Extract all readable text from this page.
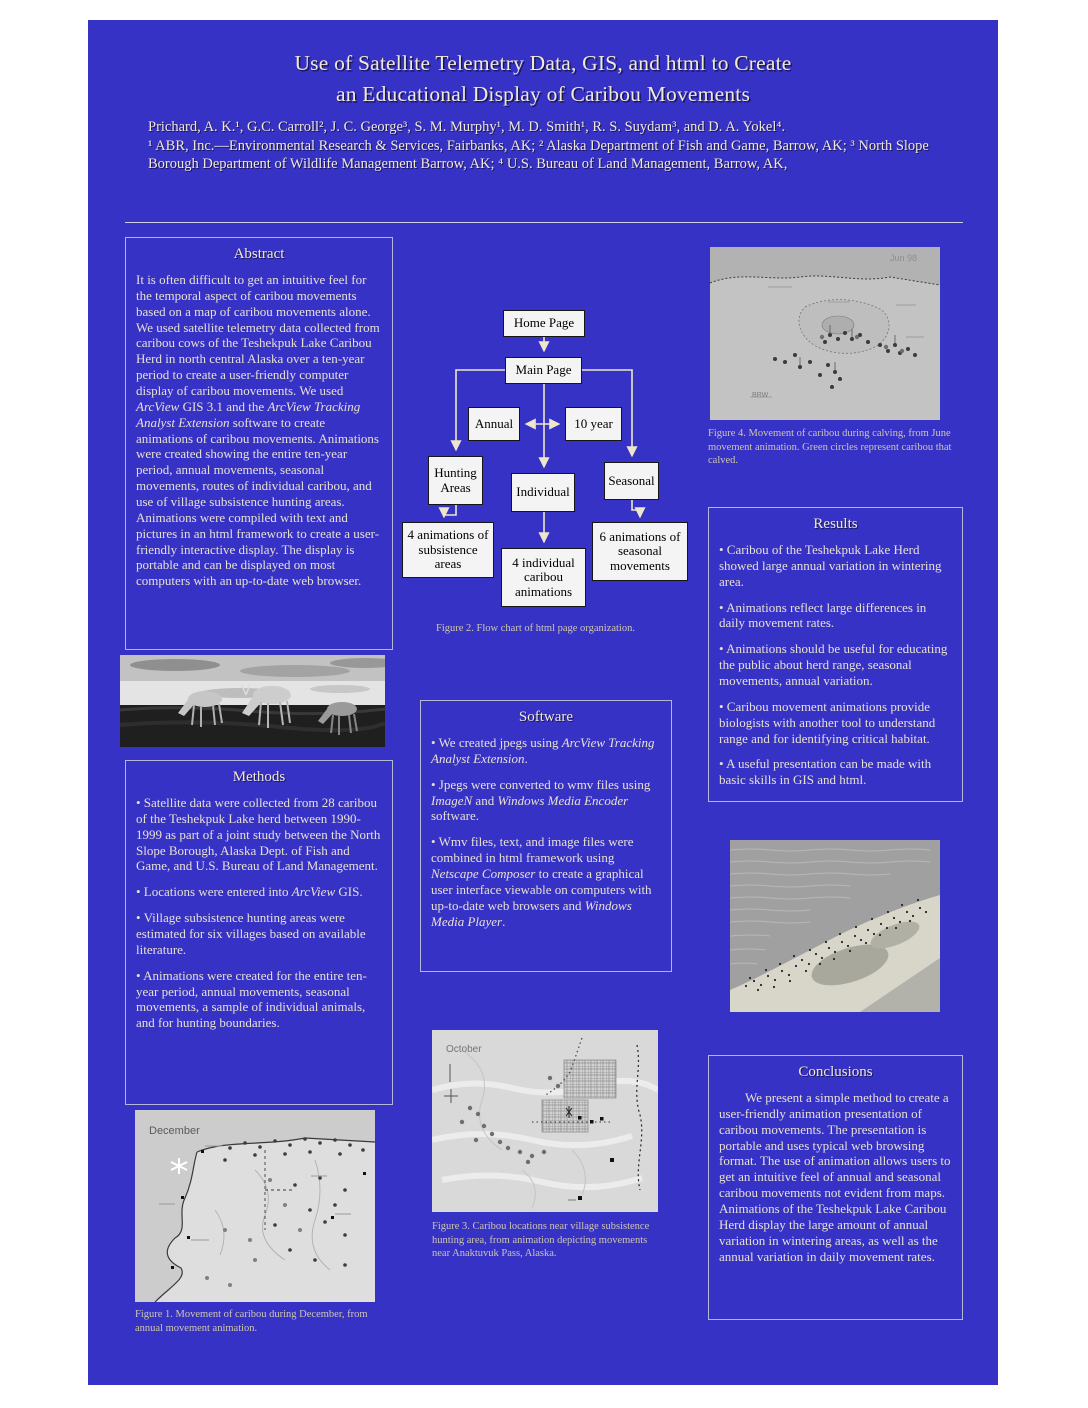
Use of Satellite Telemetry Data, GIS, and html to Create
an Educational Display of Caribou Movements
Prichard, A. K.¹, G.C. Carroll², J. C. George³, S. M. Murphy¹, M. D. Smith¹, R. S. Suydam³, and D. A. Yokel⁴.
¹ ABR, Inc.—Environmental Research & Services, Fairbanks, AK; ² Alaska Department of Fish and Game, Barrow, AK; ³ North Slope Borough Department of Wildlife Management Barrow, AK; ⁴ U.S. Bureau of Land Management, Barrow, AK,
Abstract

It is often difficult to get an intuitive feel for the temporal aspect of caribou movements based on a map of caribou movements alone. We used satellite telemetry data collected from caribou cows of the Teshekpuk Lake Caribou Herd in north central Alaska over a ten-year period to create a user-friendly computer display of caribou movements. We used ArcView GIS 3.1 and the ArcView Tracking Analyst Extension software to create animations of caribou movements. Animations were created showing the entire ten-year period, annual movements, seasonal movements, routes of individual caribou, and use of village subsistence hunting areas. Animations were compiled with text and pictures in an html framework to create a user-friendly interactive display. The display is portable and can be displayed on most computers with an up-to-date web browser.

Home Page
Main Page
Annual	10 year
Hunting Areas	Individual
Seasonal
4 animations of subsistence areas	4 individual caribou animations
6 animations of seasonal movements
Figure 2. Flow chart of html page organization.
Jun 98
BRW
Figure 4. Movement of caribou during calving, from June movement animation. Green circles represent caribou that calved.
Results

• Caribou of the Teshekpuk Lake Herd showed large annual variation in wintering area.

• Animations reflect large differences in daily movement rates.

• Animations should be useful for educating the public about herd range, seasonal movements, annual variation.

• Caribou movement animations provide biologists with another tool to understand range and for identifying critical habitat.

• A useful presentation can be made with basic skills in GIS and html.

Methods

• Satellite data were collected from 28 caribou of the Teshekpuk Lake herd between 1990-1999 as part of a joint study between the North Slope Borough, Alaska Dept. of Fish and Game, and U.S. Bureau of Land Management.

• Locations were entered into ArcView GIS.

• Village subsistence hunting areas were estimated for six villages based on available literature.

• Animations were created for the entire ten-year period, annual movements, seasonal movements, a sample of individual animals, and for hunting boundaries.

Software

• We created jpegs using ArcView Tracking Analyst Extension.

• Jpegs were converted to wmv files using ImageN and Windows Media Encoder software.

• Wmv files, text, and image files were combined in html framework using Netscape Composer to create a graphical user interface viewable on computers with up-to-date web browsers and Windows Media Player.

October
Figure 3. Caribou locations near village subsistence hunting area, from animation depicting movements near Anaktuvuk Pass, Alaska.
Conclusions

We present a simple method to create a user-friendly animation presentation of caribou movements. The presentation is portable and uses typical web browsing format. The use of animation allows users to get an intuitive feel of annual and seasonal caribou movements not evident from maps. Animations of the Teshekpuk Lake Caribou Herd display the large amount of annual variation in wintering areas, as well as the annual variation in daily movement rates.

December
Figure 1. Movement of caribou during December, from annual movement animation.
